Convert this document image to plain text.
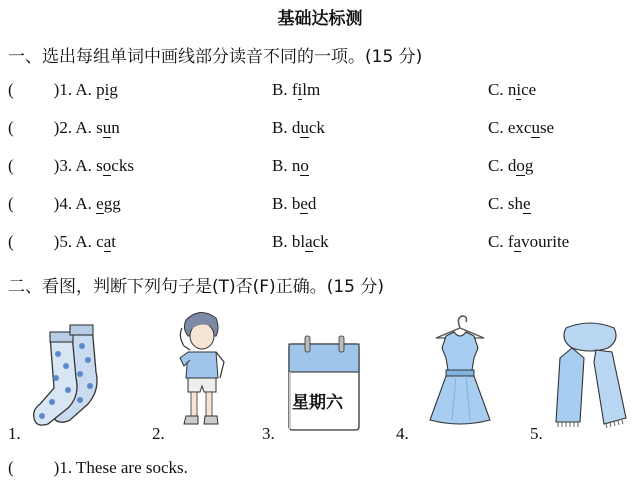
基础达标测
一、选出每组单词中画线部分读音不同的一项。(15 分)
( )1. A. pig	B. film	C. nice
( )2. A. sun	B. duck	C. excuse
( )3. A. socks	B. no	C. dog
( )4. A. egg	B. bed	C. she
( )5. A. cat	B. black	C. favourite
二、看图，判断下列句子是(T)否(F)正确。(15 分)
1.	2.
星期六
3.	4.	5.
( )1. These are socks.
